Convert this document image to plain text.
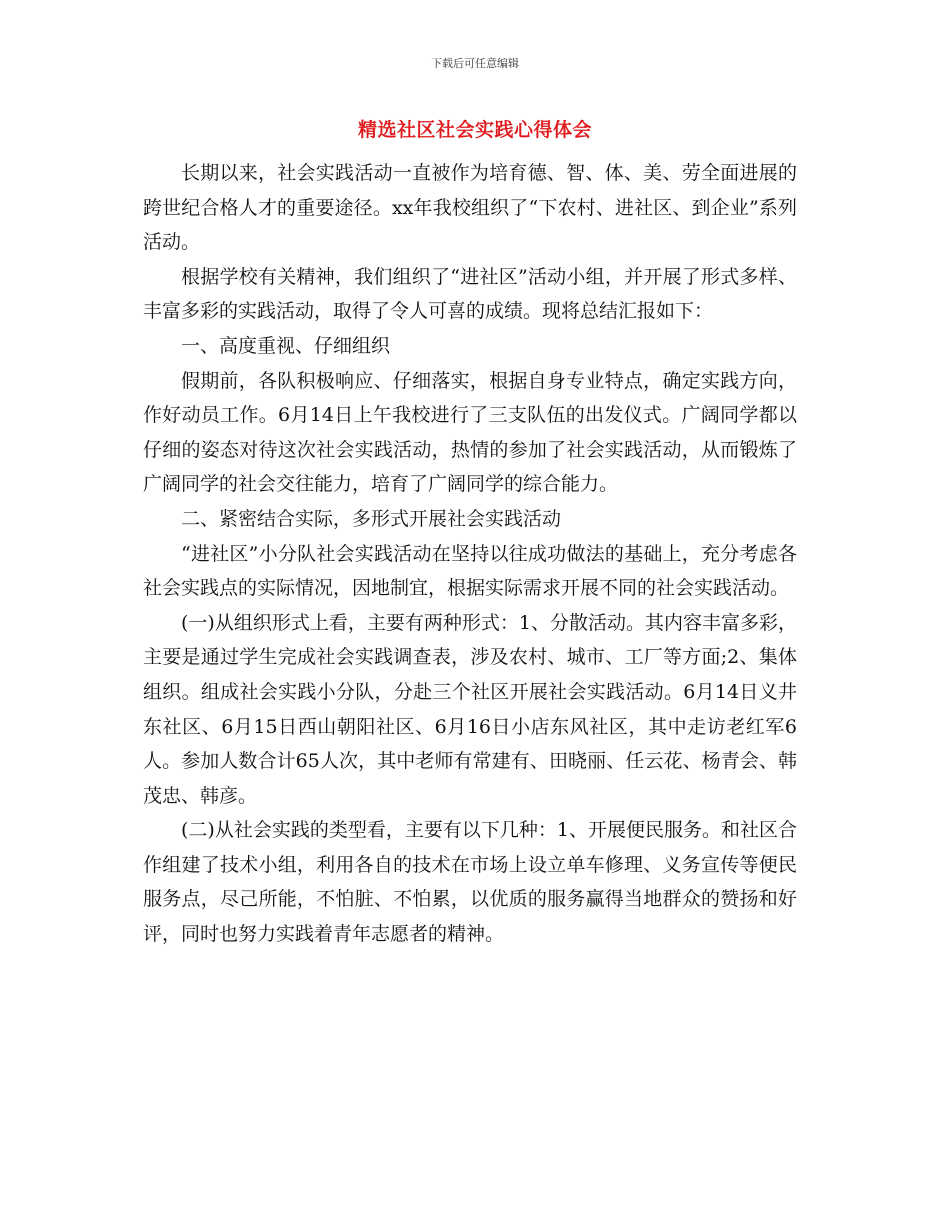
下载后可任意编辑
精选社区社会实践心得体会

长期以来，社会实践活动一直被作为培育德、智、体、美、劳全面进展的跨世纪合格人才的重要途径。xx年我校组织了“下农村、进社区、到企业”系列活动。

根据学校有关精神，我们组织了“进社区”活动小组，并开展了形式多样、丰富多彩的实践活动，取得了令人可喜的成绩。现将总结汇报如下：

一、高度重视、仔细组织

假期前，各队积极响应、仔细落实，根据自身专业特点，确定实践方向，作好动员工作。6月14日上午我校进行了三支队伍的出发仪式。广阔同学都以仔细的姿态对待这次社会实践活动，热情的参加了社会实践活动，从而锻炼了广阔同学的社会交往能力，培育了广阔同学的综合能力。

二、紧密结合实际，多形式开展社会实践活动

“进社区”小分队社会实践活动在坚持以往成功做法的基础上，充分考虑各社会实践点的实际情况，因地制宜，根据实际需求开展不同的社会实践活动。

(一)从组织形式上看，主要有两种形式：1、分散活动。其内容丰富多彩，主要是通过学生完成社会实践调查表，涉及农村、城市、工厂等方面;2、集体组织。组成社会实践小分队，分赴三个社区开展社会实践活动。6月14日义井东社区、6月15日西山朝阳社区、6月16日小店东风社区，其中走访老红军6人。参加人数合计65人次，其中老师有常建有、田晓丽、任云花、杨青会、韩茂忠、韩彦。

(二)从社会实践的类型看，主要有以下几种：1、开展便民服务。和社区合作组建了技术小组，利用各自的技术在市场上设立单车修理、义务宣传等便民服务点，尽己所能，不怕脏、不怕累，以优质的服务赢得当地群众的赞扬和好评，同时也努力实践着青年志愿者的精神。
